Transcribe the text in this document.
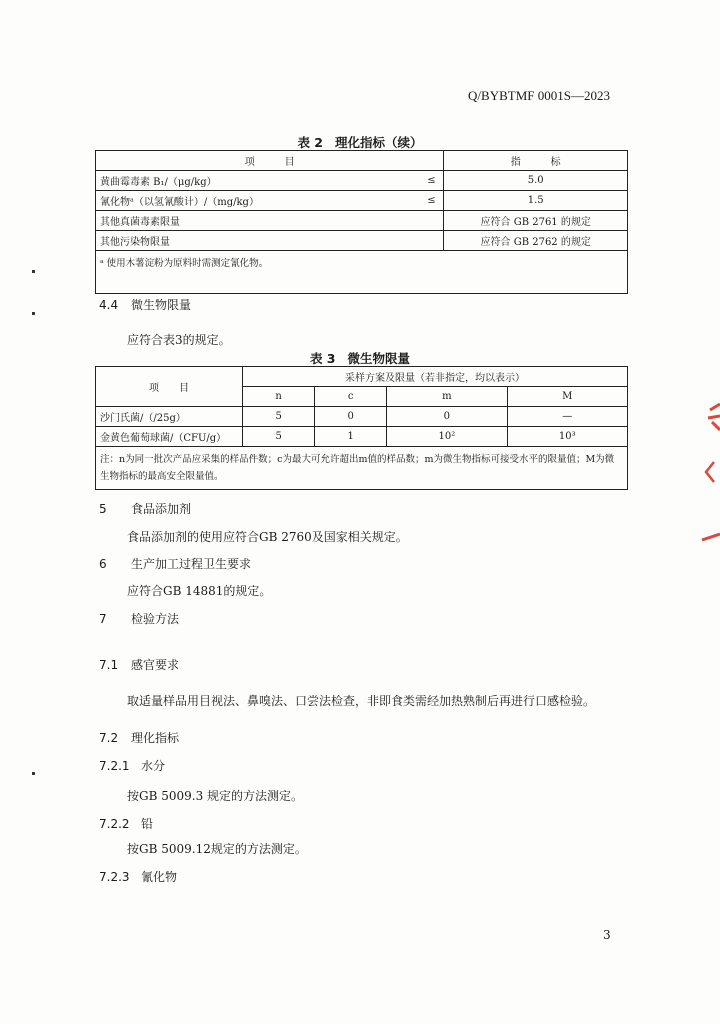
Q/BYBTMF 0001S—2023
表 2 理化指标（续）
项　　　目		指　　　标
黄曲霉毒素 B₁/（μg/kg）	≤	5.0
氰化物ᵃ（以氢氰酸计）/（mg/kg）	≤	1.5
其他真菌毒素限量		应符合 GB 2761 的规定
其他污染物限量		应符合 GB 2762 的规定
ᵃ 使用木薯淀粉为原料时需测定氰化物。		
4.4 微生物限量
应符合表3的规定。
表 3 微生物限量
项　　目	采样方案及限量（若非指定，均以表示）			
	n	c	m	M
沙门氏菌/（/25g）	5	0	0	—
金黄色葡萄球菌/（CFU/g）	5	1	10²	10³
注：n为同一批次产品应采集的样品件数；c为最大可允许超出m值的样品数；m为微生物指标可接受水平的限量值；M为微生物指标的最高安全限量值。				
5 食品添加剂
食品添加剂的使用应符合GB 2760及国家相关规定。
6 生产加工过程卫生要求
应符合GB 14881的规定。
7 检验方法
7.1 感官要求
取适量样品用目视法、鼻嗅法、口尝法检查，非即食类需经加热熟制后再进行口感检验。
7.2 理化指标
7.2.1 水分
按GB 5009.3 规定的方法测定。
7.2.2 铅
按GB 5009.12规定的方法测定。
7.2.3 氰化物
3
